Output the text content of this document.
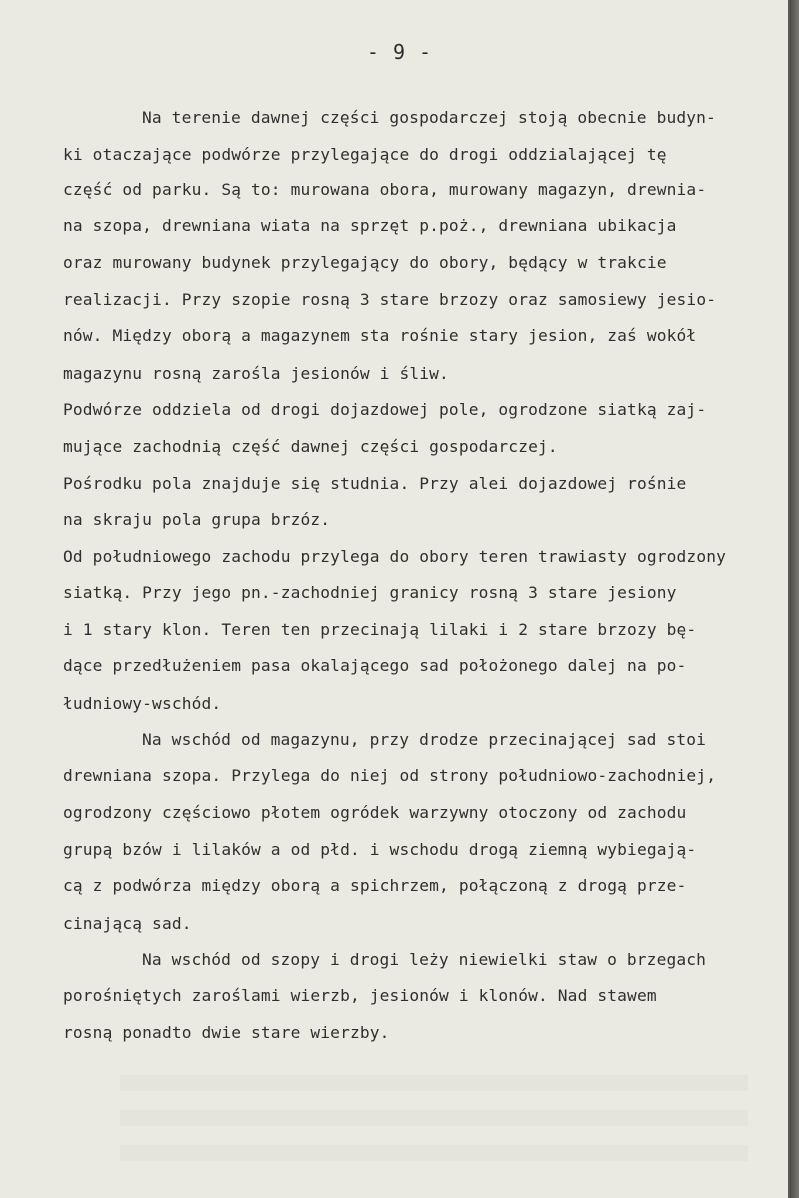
- 9 -
Na terenie dawnej części gospodarczej stoją obecnie budyn-
ki otaczające podwórze przylegające do drogi oddzialającej tę
część od parku. Są to: murowana obora, murowany magazyn, drewnia-
na szopa, drewniana wiata na sprzęt p.poż., drewniana ubikacja
oraz murowany budynek przylegający do obory, będący w trakcie
realizacji. Przy szopie rosną 3 stare brzozy oraz samosiewy jesio-
nów. Między oborą a magazynem sta rośnie stary jesion, zaś wokół
magazynu rosną zarośla jesionów i śliw.
Podwórze oddziela od drogi dojazdowej pole, ogrodzone siatką zaj-
mujące zachodnią część dawnej części gospodarczej.
Pośrodku pola znajduje się studnia. Przy alei dojazdowej rośnie
na skraju pola grupa brzóz.
Od południowego zachodu przylega do obory teren trawiasty ogrodzony
siatką. Przy jego pn.-zachodniej granicy rosną 3 stare jesiony
i 1 stary klon. Teren ten przecinają lilaki i 2 stare brzozy bę-
dące przedłużeniem pasa okalającego sad położonego dalej na po-
łudniowy-wschód.
Na wschód od magazynu, przy drodze przecinającej sad stoi
drewniana szopa. Przylega do niej od strony południowo-zachodniej,
ogrodzony częściowo płotem ogródek warzywny otoczony od zachodu
grupą bzów i lilaków a od płd. i wschodu drogą ziemną wybiegają-
cą z podwórza między oborą a spichrzem, połączoną z drogą prze-
cinającą sad.
Na wschód od szopy i drogi leży niewielki staw o brzegach
porośniętych zaroślami wierzb, jesionów i klonów. Nad stawem
rosną ponadto dwie stare wierzby.
